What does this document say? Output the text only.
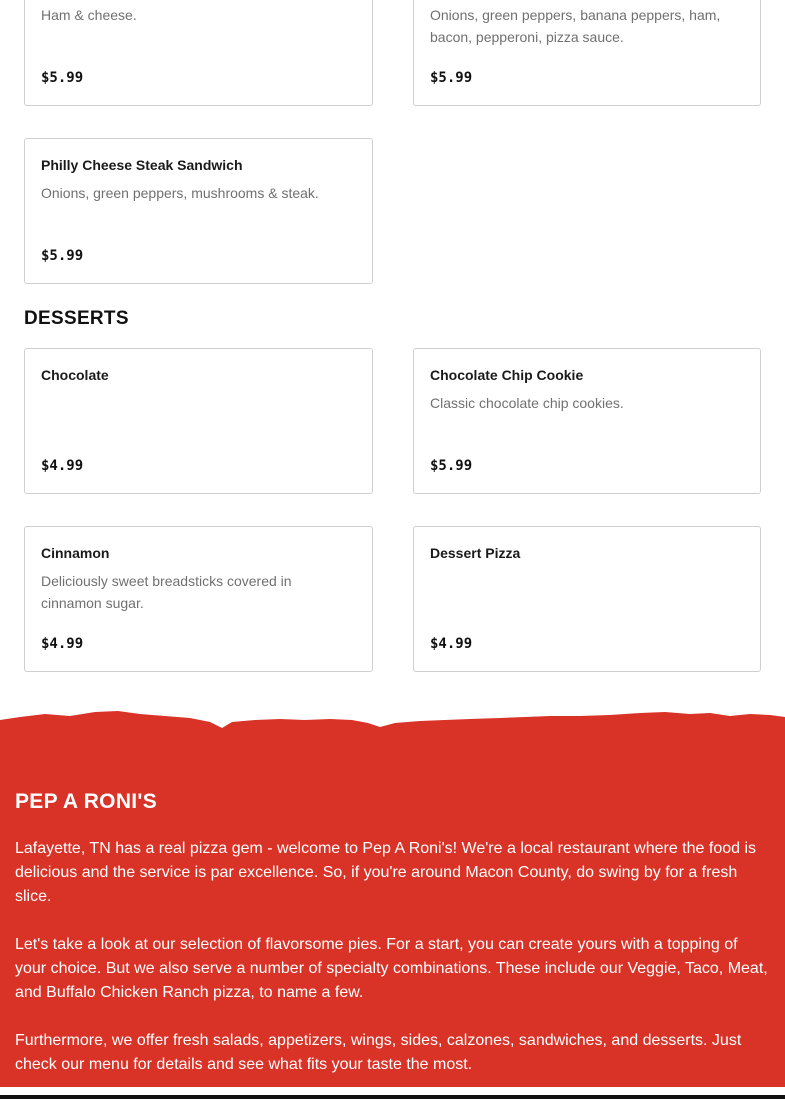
Ham & cheese.
$5.99
Onions, green peppers, banana peppers, ham, bacon, pepperoni, pizza sauce.
$5.99
Philly Cheese Steak Sandwich
Onions, green peppers, mushrooms & steak.
$5.99
DESSERTS
Chocolate
$4.99
Chocolate Chip Cookie
Classic chocolate chip cookies.
$5.99
Cinnamon
Deliciously sweet breadsticks covered in cinnamon sugar.
$4.99
Dessert Pizza
$4.99
PEP A RONI'S

Lafayette, TN has a real pizza gem - welcome to Pep A Roni's! We're a local restaurant where the food is delicious and the service is par excellence. So, if you're around Macon County, do swing by for a fresh slice.

Let's take a look at our selection of flavorsome pies. For a start, you can create yours with a topping of your choice. But we also serve a number of specialty combinations. These include our Veggie, Taco, Meat, and Buffalo Chicken Ranch pizza, to name a few.

Furthermore, we offer fresh salads, appetizers, wings, sides, calzones, sandwiches, and desserts. Just check our menu for details and see what fits your taste the most.
